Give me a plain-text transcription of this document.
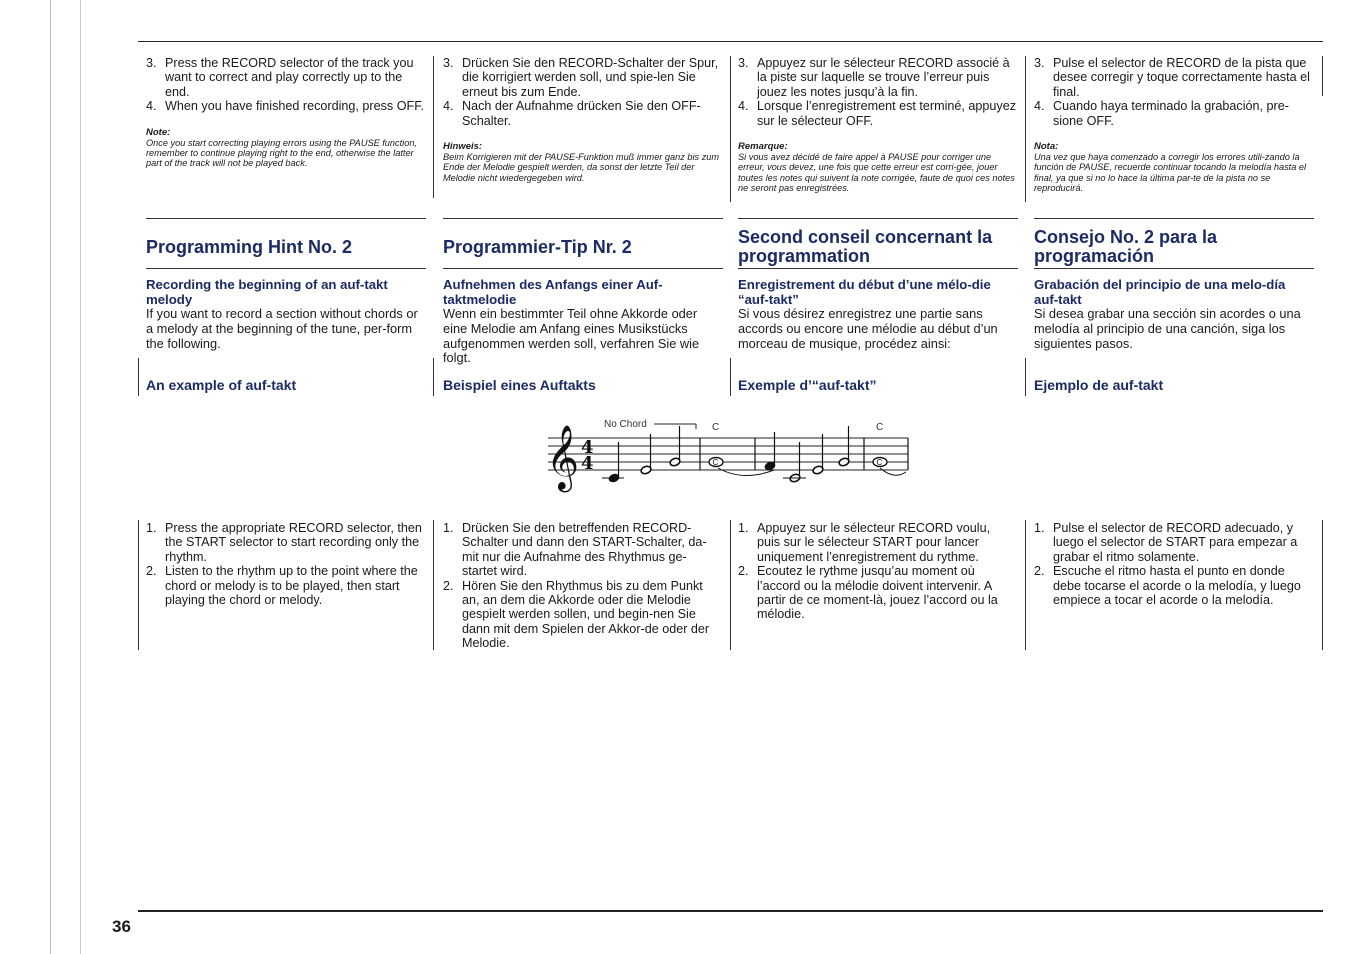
3. Press the RECORD selector of the track you want to correct and play correctly up to the end.
4. When you have finished recording, press OFF.
Note:
Once you start correcting playing errors using the PAUSE function, remember to continue playing right to the end, otherwise the latter part of the track will not be played back.
3. Drücken Sie den RECORD-Schalter der Spur, die korrigiert werden soll, und spie-len Sie erneut bis zum Ende.
4. Nach der Aufnahme drücken Sie den OFF-Schalter.
Hinweis:
Beim Korrigieren mit der PAUSE-Funktion muß immer ganz bis zum Ende der Melodie gespielt werden, da sonst der letzte Teil der Melodie nicht wiedergegeben wird.
3. Appuyez sur le sélecteur RECORD associé à la piste sur laquelle se trouve l’erreur puis jouez les notes jusqu’à la fin.
4. Lorsque l’enregistrement est terminé, appuyez sur le sélecteur OFF.
Remarque:
Si vous avez décidé de faire appel à PAUSE pour corriger une erreur, vous devez, une fois que cette erreur est corri-gée, jouer toutes les notes qui suivent la note corrigée, faute de quoi ces notes ne seront pas enregistrées.
3. Pulse el selector de RECORD de la pista que desee corregir y toque correctamente hasta el final.
4. Cuando haya terminado la grabación, pre-sione OFF.
Nota:
Una vez que haya comenzado a corregir los errores utili-zando la función de PAUSE, recuerde continuar tocando la melodía hasta el final, ya que si no lo hace la última par-te de la pista no se reproducirá.
Programming Hint No. 2
Recording the beginning of an auf-takt melody

If you want to record a section without chords or a melody at the beginning of the tune, per-form the following.

Programmier-Tip Nr. 2
Aufnehmen des Anfangs einer Auf-taktmelodie

Wenn ein bestimmter Teil ohne Akkorde oder eine Melodie am Anfang eines Musikstücks aufgenommen werden soll, verfahren Sie wie folgt.

Second conseil concernant la programmation
Enregistrement du début d’une mélo-die “auf-takt”

Si vous désirez enregistrez une partie sans accords ou encore une mélodie au début d’un morceau de musique, procédez ainsi:

Consejo No. 2 para la programación
Grabación del principio de una melo-día auf-takt

Si desea grabar una sección sin acordes o una melodía al principio de una canción, siga los siguientes pasos.

An example of auf-takt	Beispiel eines Auftakts	Exemple d’“auf-takt”	Ejemplo de auf-takt
𝄞 4
4
No Chord	C	C
C	C
1. Press the appropriate RECORD selector, then the START selector to start recording only the rhythm.
2. Listen to the rhythm up to the point where the chord or melody is to be played, then start playing the chord or melody.
1. Drücken Sie den betreffenden RECORD-Schalter und dann den START-Schalter, da-mit nur die Aufnahme des Rhythmus ge-startet wird.
2. Hören Sie den Rhythmus bis zu dem Punkt an, an dem die Akkorde oder die Melodie gespielt werden sollen, und begin-nen Sie dann mit dem Spielen der Akkor-de oder der Melodie.
1. Appuyez sur le sélecteur RECORD voulu, puis sur le sélecteur START pour lancer uniquement l’enregistrement du rythme.
2. Ecoutez le rythme jusqu’au moment où l’accord ou la mélodie doivent intervenir. A partir de ce moment-là, jouez l’accord ou la mélodie.
1. Pulse el selector de RECORD adecuado, y luego el selector de START para empezar a grabar el ritmo solamente.
2. Escuche el ritmo hasta el punto en donde debe tocarse el acorde o la melodía, y luego empiece a tocar el acorde o la melodía.
36
